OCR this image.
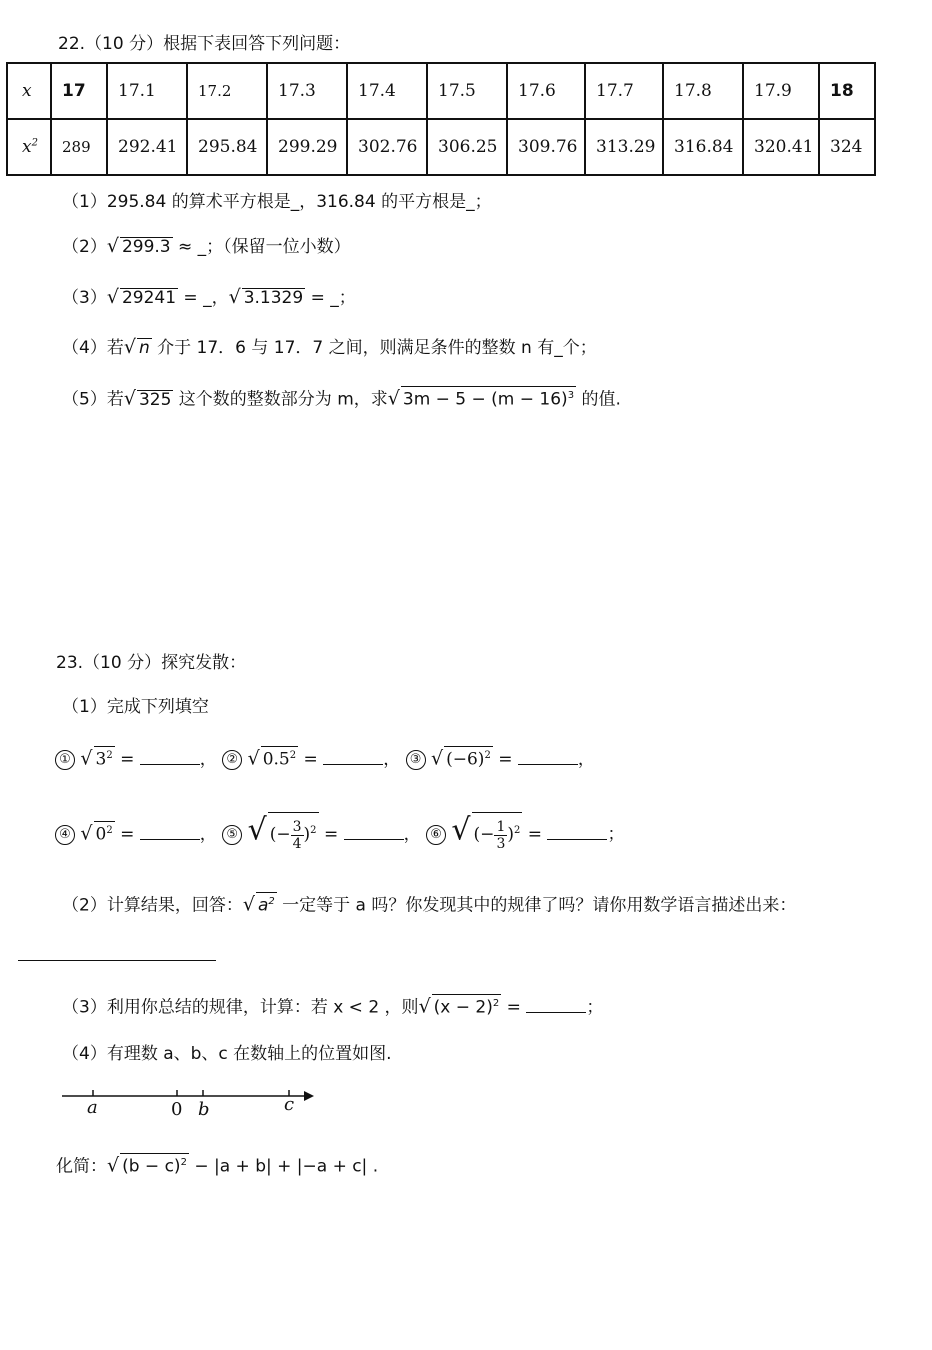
22.（10 分）根据下表回答下列问题：
x	17	17.1	17.2	17.3	17.4	17.5	17.6	17.7	17.8	17.9	18
$x^2$	289	292.41	295.84	299.29	302.76	306.25	309.76	313.29	316.84	320.41	324
（1）295.84 的算术平方根是_，316.84 的平方根是_；
（2）√ 299.3 ≈ _；（保留一位小数）
（3）√ 29241 = _，√ 3.1329 = _；
（4）若√ n 介于 17．6 与 17．7 之间，则满足条件的整数 n 有_个；
（5）若√ 325 这个数的整数部分为 m，求√ $3m - 5 - (m - 16)^3$ 的值.
23.（10 分）探究发散：
（1）完成下列填空
① √ $3^2$ =	， ② √ $0.5^2$ =	， ③ √ $(-6)^2$ =	，
④ √ $0^2$ =	， ⑤ √ (− $\frac{3}{4} )^2$ =	， ⑥ √ (− $\frac{1}{3} )^2$ =	；
（2）计算结果，回答：√ $a^2$ 一定等于 a 吗？你发现其中的规律了吗？请你用数学语言描述出来：
（3）利用你总结的规律，计算：若 x < 2 ，则√ $(x - 2)^2$ =	；
（4）有理数 a、b、c 在数轴上的位置如图.
a	0 b	c
化简：√ $(b - c)^2 - |a + b| + |-a + c|$ .
